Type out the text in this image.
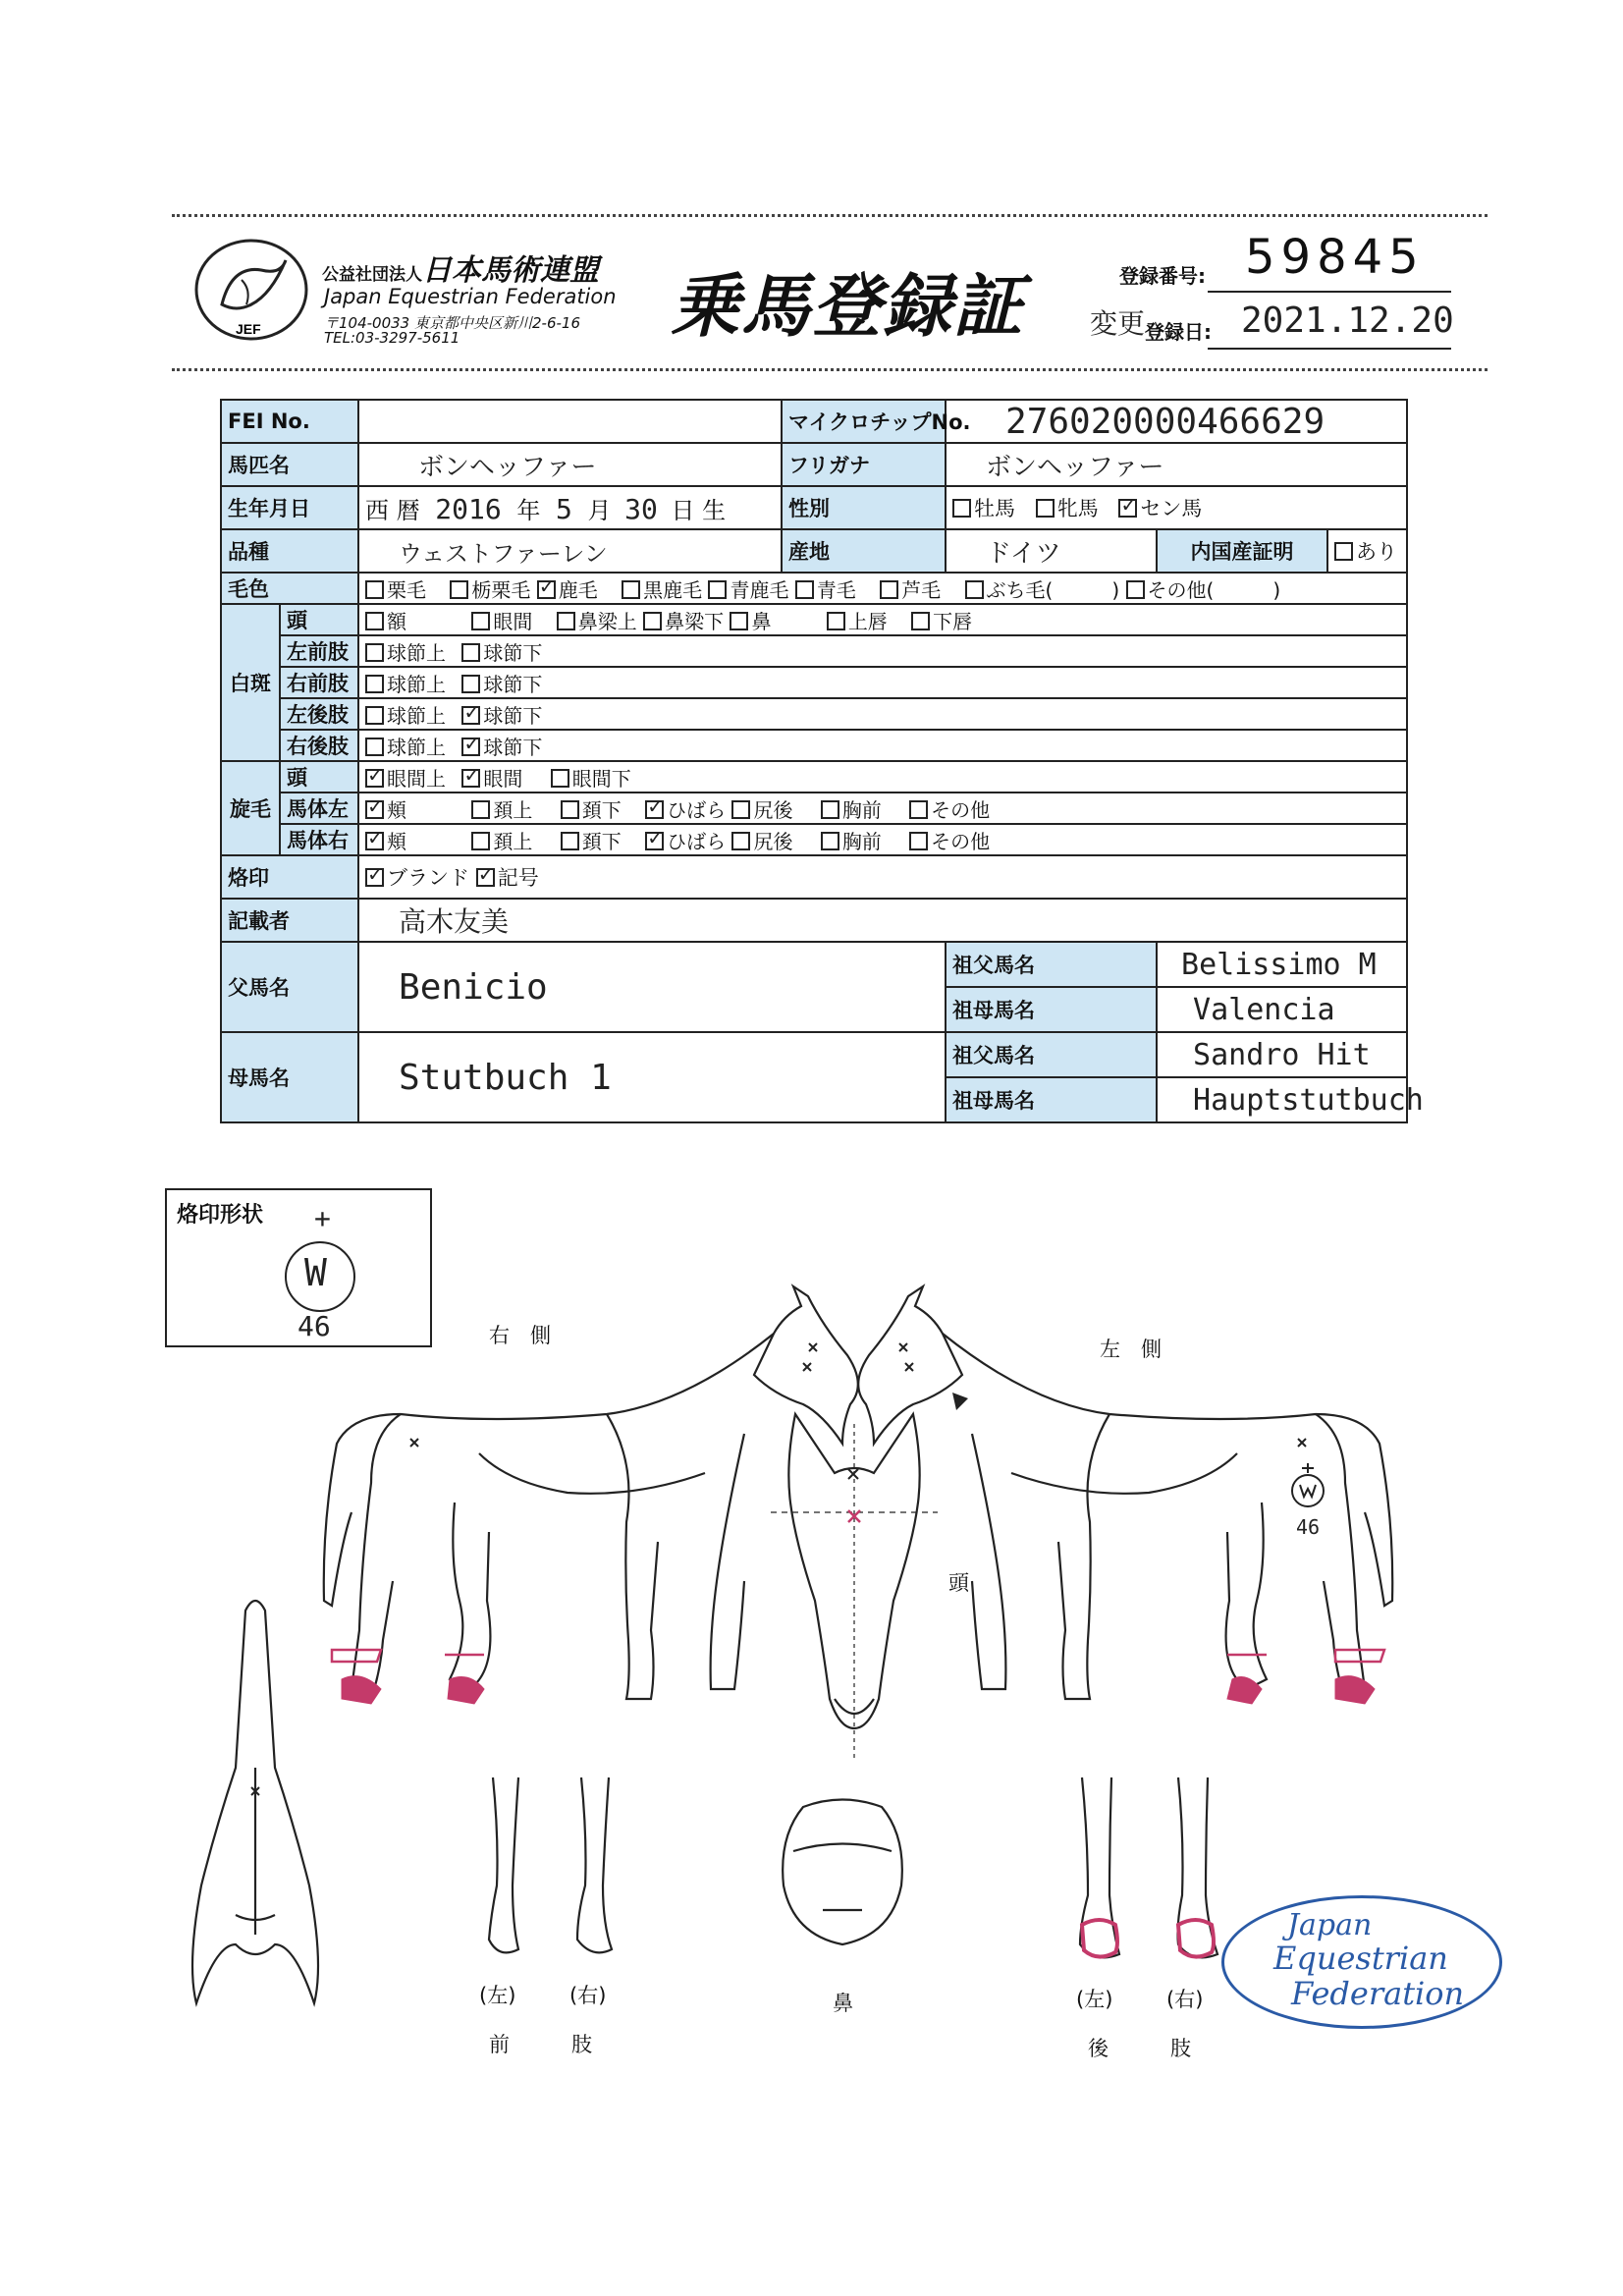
JEF
公益社団法人日本馬術連盟
Japan Equestrian Federation
〒104-0033 東京都中央区新川2-6-16
TEL:03-3297-5611	乗馬登録証	登録番号: 59845
変更 登録日: 2021.12.20
FEI No.			マイクロチップNo.	276020000466629		
馬匹名		ボンヘッファー	フリガナ	ボンヘッファー		
生年月日		西 暦 2016 年 5 月 30 日 生	性別	牡馬 牝馬 ✓ セン馬
品種		ウェストファーレン	産地	ドイツ	内国産証明	あり
毛色		栗毛 栃栗毛 ✓ 鹿毛 黒鹿毛 青鹿毛 青毛 芦毛 ぶち毛( ) その他( )
白斑	頭	額 眼間 鼻梁上 鼻梁下 鼻 上唇 下唇				
	左前肢	球節上 球節下				
	右前肢	球節上 球節下				
	左後肢	球節上 ✓ 球節下
	右後肢	球節上 ✓ 球節下
旋毛	頭	✓眼間上 ✓ 眼間 眼間下
	馬体左	✓頬 頚上 頚下 ✓ ひばら 尻後 胸前 その他
	馬体右	✓頬 頚上 頚下 ✓ ひばら 尻後 胸前 その他
烙印	✓ブランド ✓ 記号
記載者		高木友美				
父馬名		Benicio		祖父馬名	Belissimo M	
				祖母馬名	Valencia	
母馬名		Stutbuch 1		祖父馬名	Sandro Hit	
				祖母馬名	Hauptstutbuch	
烙印形状 +
W
46	右　側
左　側
頭
46
(左)	(右)
前　　　肢
鼻	(左)	(右)
後　　　肢
Japan
Equestrian
Federation
